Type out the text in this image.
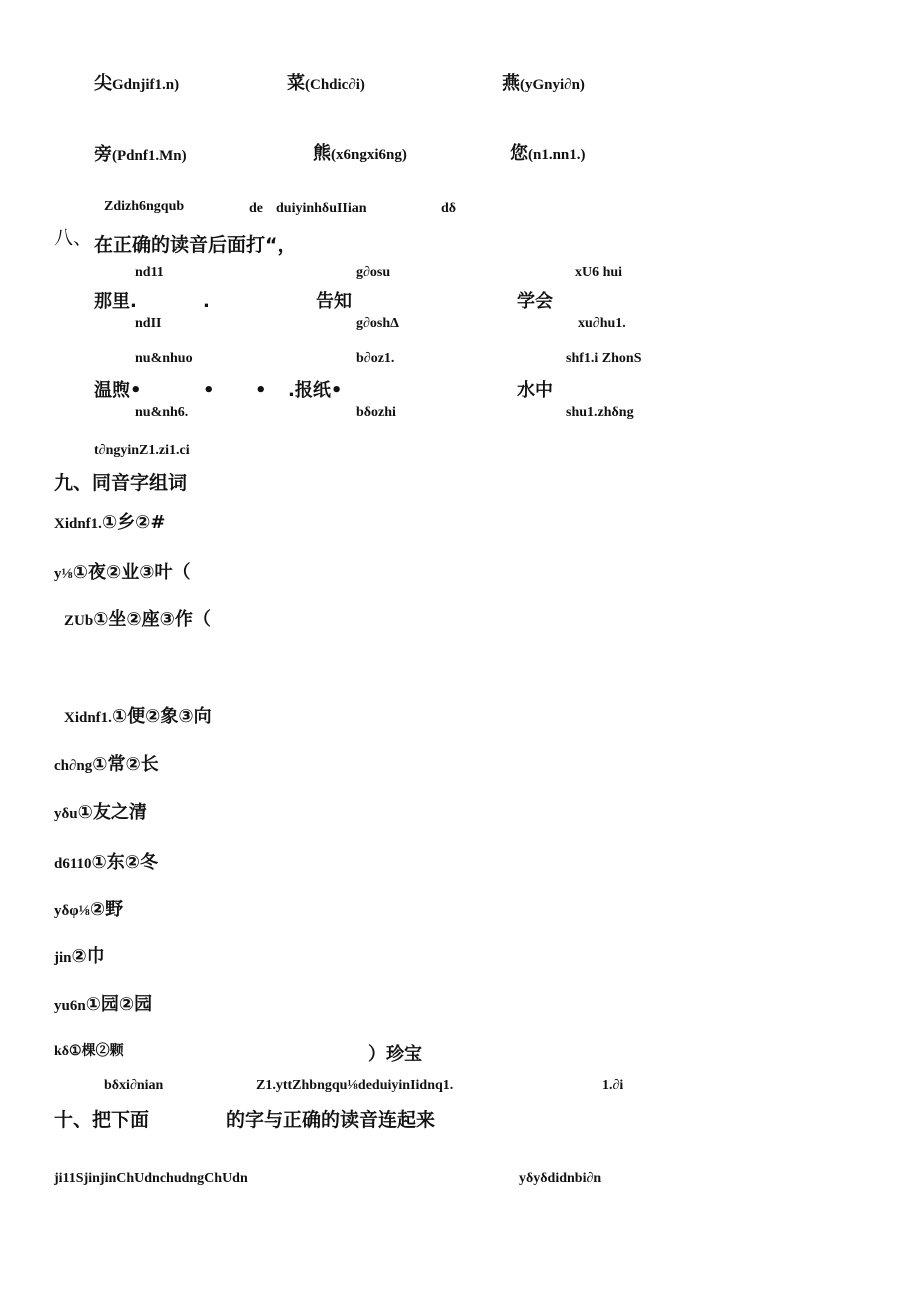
尖Gdnjif1.n)	菜(Chdic∂i)	燕(yGnyi∂n)
旁(Pdnf1.Mn)	熊(x6ngxi6ng)	您(n1.nn1.)
Zdizh6ngqub	de duiyinhδuIIian	dδ
八、 在正确的读音后面打“，
nd11	g∂osu	xU6 hui
那里.	.	告知	学会
ndII	g∂oshΔ	xu∂hu1.
nu&nhuo	b∂oz1.	shf1.i ZhonS
温煦•	• • .报纸•	水中
nu&nh6.	bδozhi	shu1.zhδng
t∂ngyinZ1.zi1.ci
九、同音字组词
Xidnf1.①乡②#
y⅛①夜②业③叶（
ZUb①坐②座③作（
Xidnf1.①便②象③向
ch∂ng①常②长
yδu①友之清
d6110①东②冬
yδφ⅛②野
jin②巾
yu6n①园②园
kδ①棵②颗	）珍宝
bδxi∂nian	Z1.yttZhbngqu⅛deduiyinIidnq1.	1.∂i
十、把下面	的字与正确的读音连起来
ji11SjinjinChUdnchudngChUdn	yδyδdidnbi∂n
